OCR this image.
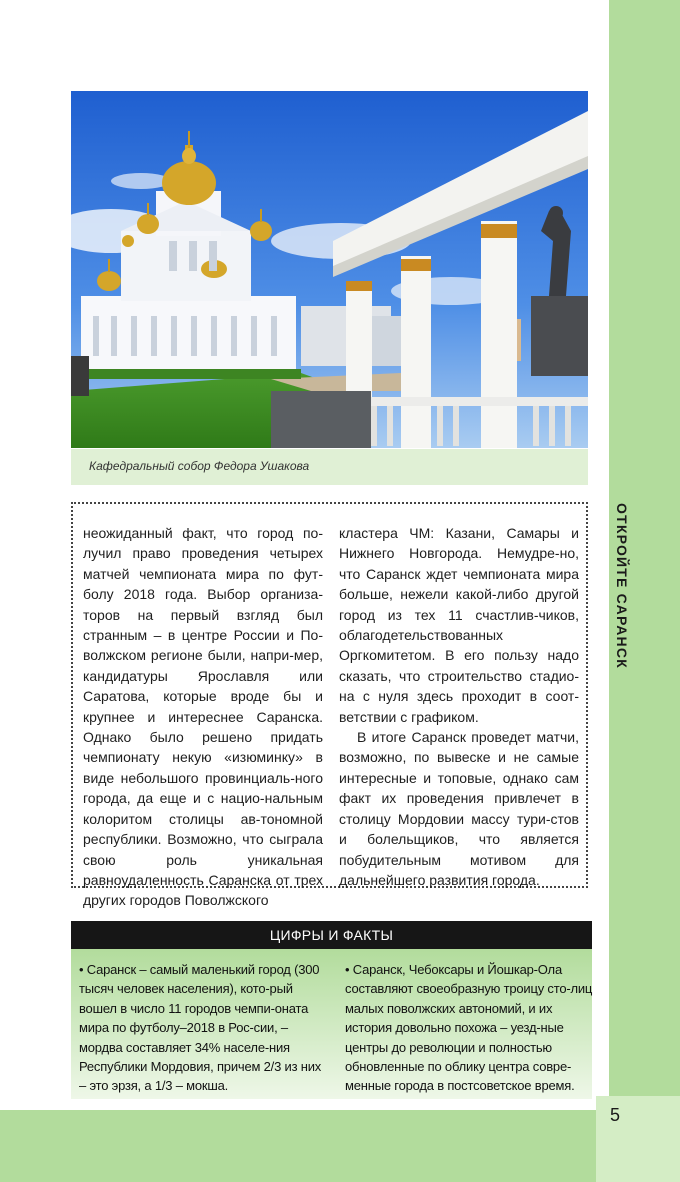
ОТКРОЙТЕ САРАНСК
5
Кафедральный собор Федора Ушакова

неожиданный факт, что город по-лучил право проведения четырех матчей чемпионата мира по фут-болу 2018 года. Выбор организа-торов на первый взгляд был странным – в центре России и По-волжском регионе были, напри-мер, кандидатуры Ярославля или Саратова, которые вроде бы и крупнее и интереснее Саранска. Однако было решено придать чемпионату некую «изюминку» в виде небольшого провинциаль-ного города, да еще и с нацио-нальным колоритом столицы ав-тономной республики. Возможно, что сыграла свою роль уникальная равноудаленность Саранска от трех других городов Поволжского

кластера ЧМ: Казани, Самары и Нижнего Новгорода. Немудре-но, что Саранск ждет чемпионата мира больше, нежели какой-либо другой город из тех 11 счастлив-чиков, облагодетельствованных Оргкомитетом. В его пользу надо сказать, что строительство стадио-на с нуля здесь проходит в соот-ветствии с графиком.

В итоге Саранск проведет матчи, возможно, по вывеске и не самые интересные и топовые, однако сам факт их проведения привлечет в столицу Мордовии массу тури-стов и болельщиков, что является побудительным мотивом для дальнейшего развития города.

ЦИФРЫ И ФАКТЫ
• Саранск – самый маленький город (300 тысяч человек населения), кото-рый вошел в число 11 городов чемпи-оната мира по футболу–2018 в Рос-сии, – мордва составляет 34% населе-ния Республики Мордовия, причем 2/3 из них – это эрзя, а 1/3 – мокша.
• Саранск, Чебоксары и Йошкар-Ола составляют своеобразную троицу сто-лиц малых поволжских автономий, и их история довольно похожа – уезд-ные центры до революции и полностью обновленные по облику центра совре-менные города в постсоветское время.
